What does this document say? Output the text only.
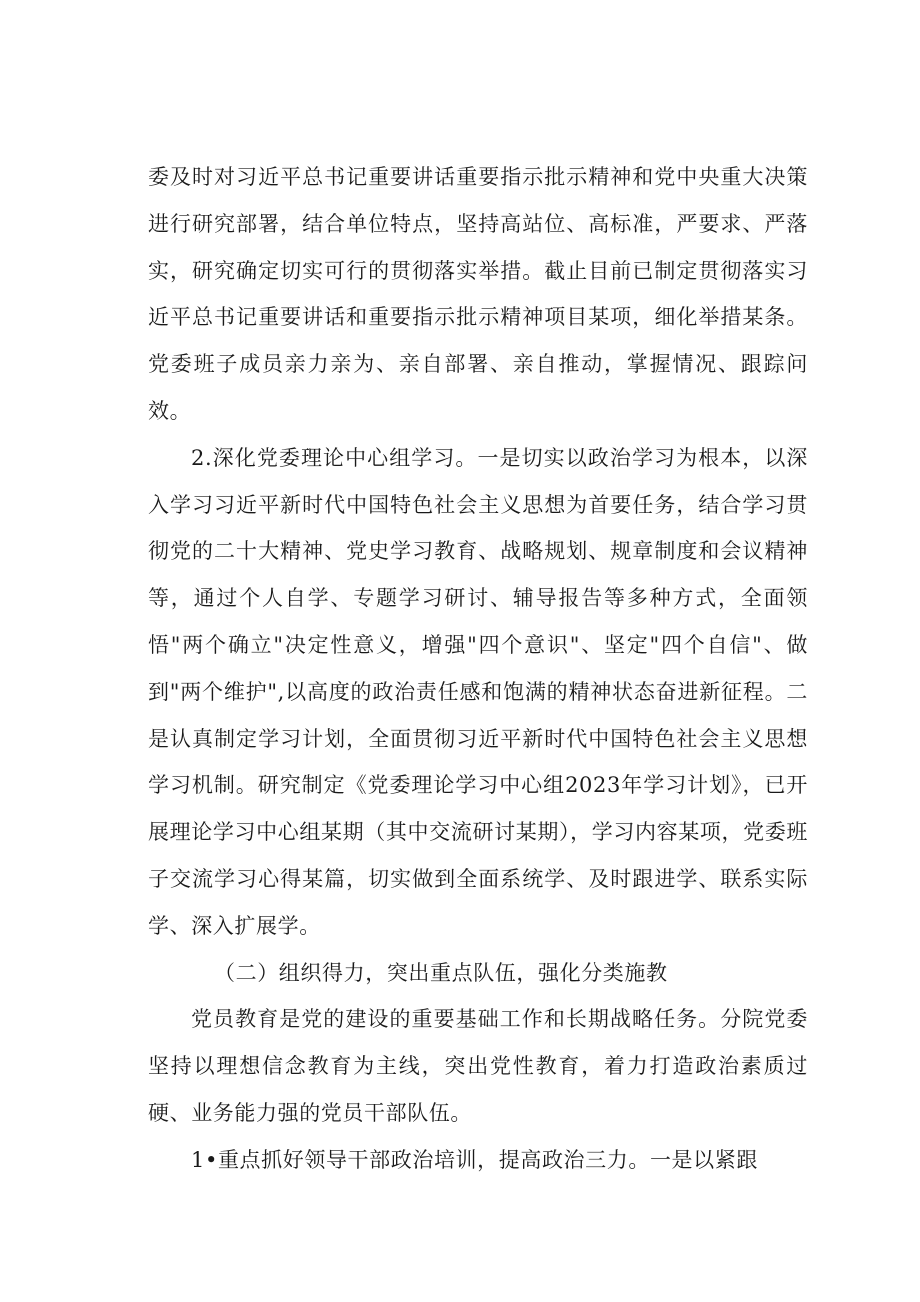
委及时对习近平总书记重要讲话重要指示批示精神和党中央重大决策进行研究部署，结合单位特点，坚持高站位、高标准，严要求、严落实，研究确定切实可行的贯彻落实举措。截止目前已制定贯彻落实习近平总书记重要讲话和重要指示批示精神项目某项，细化举措某条。党委班子成员亲力亲为、亲自部署、亲自推动，掌握情况、跟踪问效。

2.深化党委理论中心组学习。一是切实以政治学习为根本，以深入学习习近平新时代中国特色社会主义思想为首要任务，结合学习贯彻党的二十大精神、党史学习教育、战略规划、规章制度和会议精神等，通过个人自学、专题学习研讨、辅导报告等多种方式，全面领悟"两个确立"决定性意义，增强"四个意识"、坚定"四个自信"、做到"两个维护",以高度的政治责任感和饱满的精神状态奋进新征程。二是认真制定学习计划，全面贯彻习近平新时代中国特色社会主义思想学习机制。研究制定《党委理论学习中心组2023年学习计划》，已开展理论学习中心组某期（其中交流研讨某期），学习内容某项，党委班子交流学习心得某篇，切实做到全面系统学、及时跟进学、联系实际学、深入扩展学。

（二）组织得力，突出重点队伍，强化分类施教

党员教育是党的建设的重要基础工作和长期战略任务。分院党委坚持以理想信念教育为主线，突出党性教育，着力打造政治素质过硬、业务能力强的党员干部队伍。

1•重点抓好领导干部政治培训，提高政治三力。一是以紧跟
